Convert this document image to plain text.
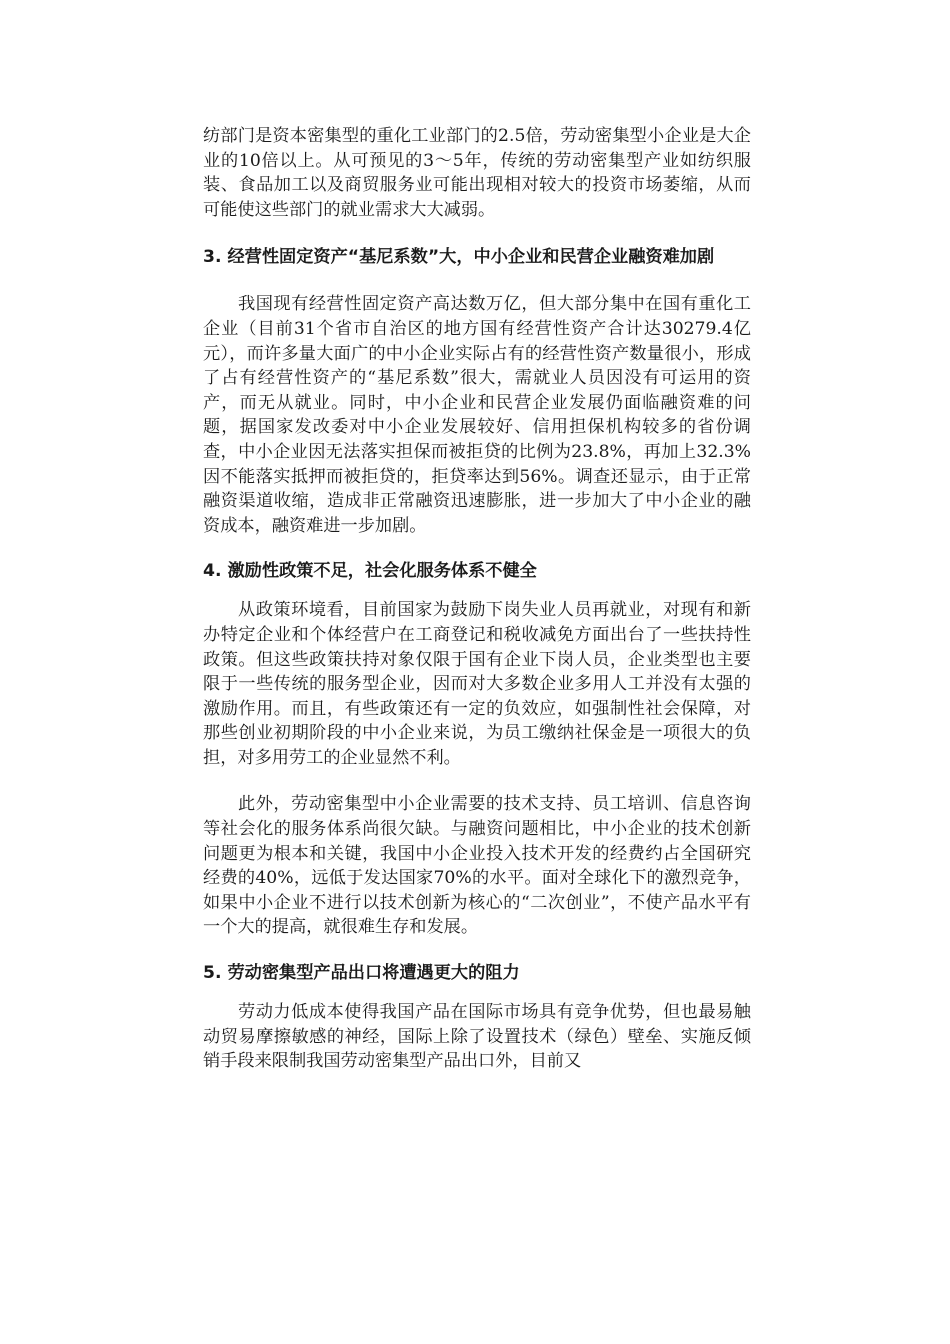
纺部门是资本密集型的重化工业部门的2.5倍，劳动密集型小企业是大企业的10倍以上。从可预见的3～5年，传统的劳动密集型产业如纺织服装、食品加工以及商贸服务业可能出现相对较大的投资市场萎缩，从而可能使这些部门的就业需求大大减弱。

3. 经营性固定资产“基尼系数”大，中小企业和民营企业融资难加剧

我国现有经营性固定资产高达数万亿，但大部分集中在国有重化工企业（目前31个省市自治区的地方国有经营性资产合计达30279.4亿元），而许多量大面广的中小企业实际占有的经营性资产数量很小，形成了占有经营性资产的“基尼系数”很大，需就业人员因没有可运用的资产，而无从就业。同时，中小企业和民营企业发展仍面临融资难的问题，据国家发改委对中小企业发展较好、信用担保机构较多的省份调查，中小企业因无法落实担保而被拒贷的比例为23.8%，再加上32.3%因不能落实抵押而被拒贷的，拒贷率达到56%。调查还显示，由于正常融资渠道收缩，造成非正常融资迅速膨胀，进一步加大了中小企业的融资成本，融资难进一步加剧。

4. 激励性政策不足，社会化服务体系不健全

从政策环境看，目前国家为鼓励下岗失业人员再就业，对现有和新办特定企业和个体经营户在工商登记和税收减免方面出台了一些扶持性政策。但这些政策扶持对象仅限于国有企业下岗人员，企业类型也主要限于一些传统的服务型企业，因而对大多数企业多用人工并没有太强的激励作用。而且，有些政策还有一定的负效应，如强制性社会保障，对那些创业初期阶段的中小企业来说，为员工缴纳社保金是一项很大的负担，对多用劳工的企业显然不利。

此外，劳动密集型中小企业需要的技术支持、员工培训、信息咨询等社会化的服务体系尚很欠缺。与融资问题相比，中小企业的技术创新问题更为根本和关键，我国中小企业投入技术开发的经费约占全国研究经费的40%，远低于发达国家70%的水平。面对全球化下的激烈竞争，如果中小企业不进行以技术创新为核心的“二次创业”，不使产品水平有一个大的提高，就很难生存和发展。

5. 劳动密集型产品出口将遭遇更大的阻力

劳动力低成本使得我国产品在国际市场具有竞争优势，但也最易触动贸易摩擦敏感的神经，国际上除了设置技术（绿色）壁垒、实施反倾销手段来限制我国劳动密集型产品出口外，目前又
